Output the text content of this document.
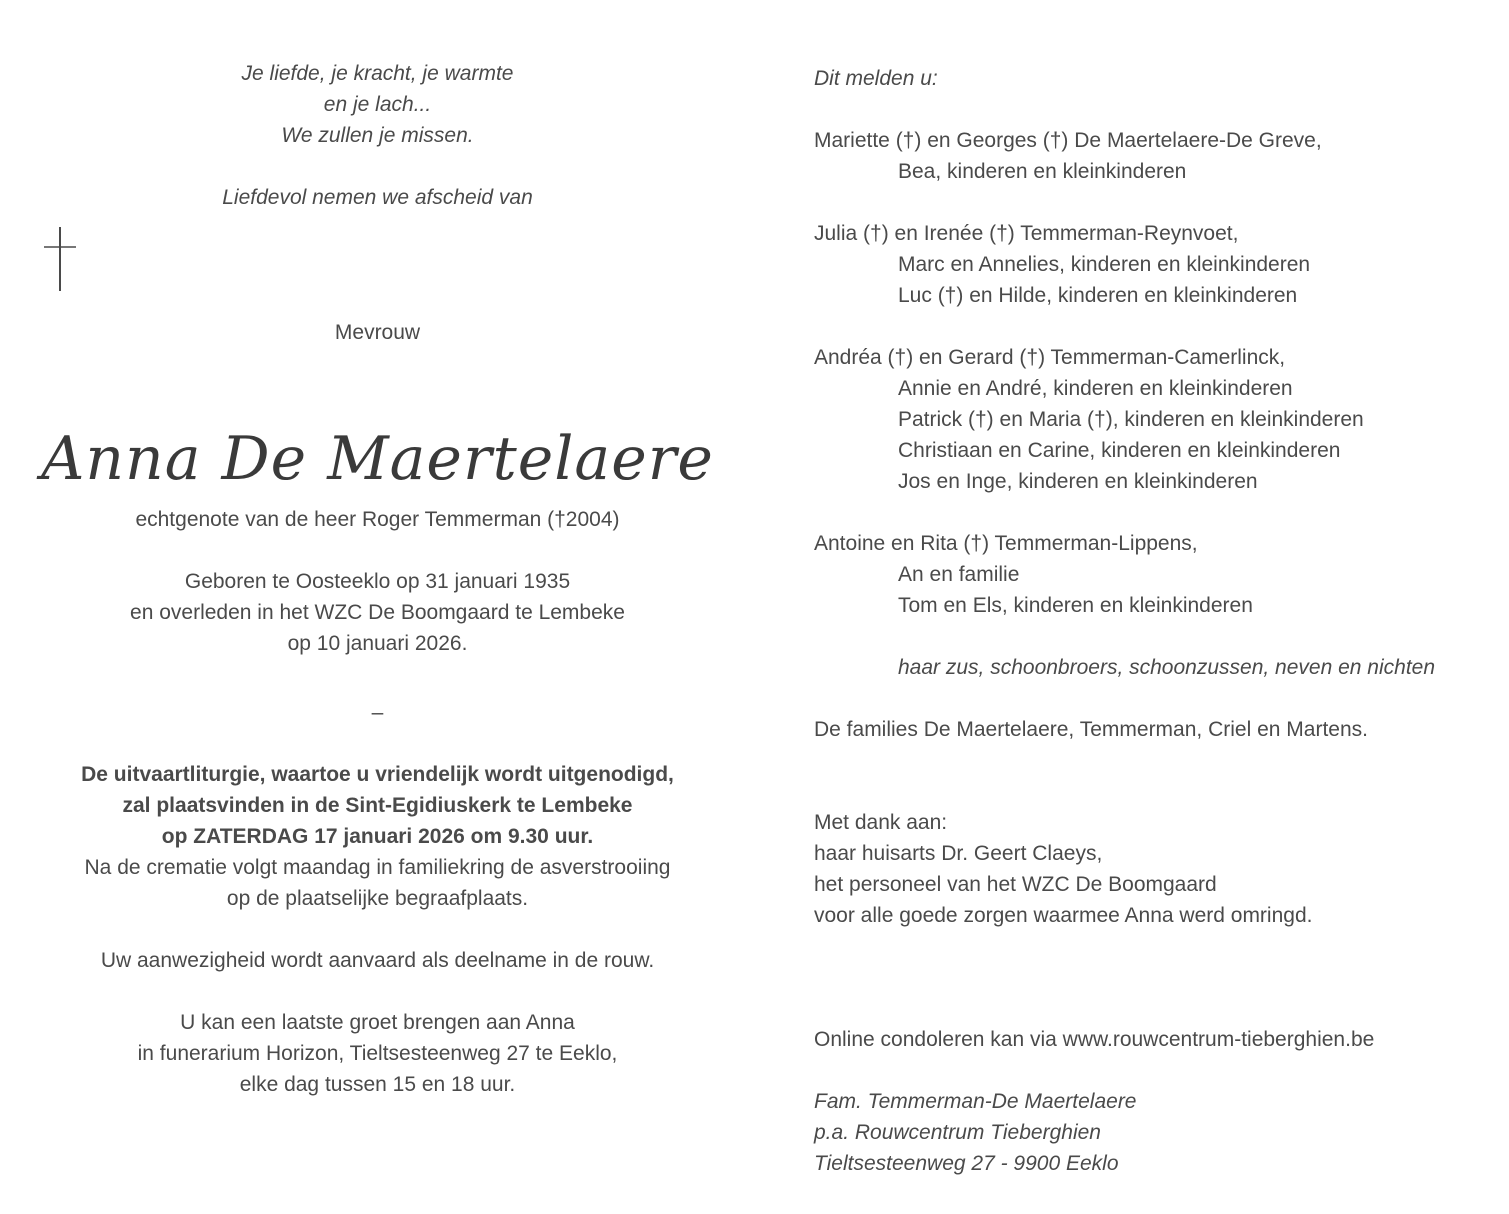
Je liefde, je kracht, je warmte
en je lach...
We zullen je missen.
Liefdevol nemen we afscheid van
Mevrouw
Anna De Maertelaere
echtgenote van de heer Roger Temmerman (†2004)
Geboren te Oosteeklo op 31 januari 1935
en overleden in het WZC De Boomgaard te Lembeke
op 10 januari 2026.
–
De uitvaartliturgie, waartoe u vriendelijk wordt uitgenodigd,
zal plaatsvinden in de Sint-Egidiuskerk te Lembeke
op ZATERDAG 17 januari 2026 om 9.30 uur.
Na de crematie volgt maandag in familiekring de asverstrooiing
op de plaatselijke begraafplaats.
Uw aanwezigheid wordt aanvaard als deelname in de rouw.
U kan een laatste groet brengen aan Anna
in funerarium Horizon, Tieltsesteenweg 27 te Eeklo,
elke dag tussen 15 en 18 uur.
Dit melden u:
Mariette (†) en Georges (†) De Maertelaere-De Greve,
Bea, kinderen en kleinkinderen
Julia (†) en Irenée (†) Temmerman-Reynvoet,
Marc en Annelies, kinderen en kleinkinderen
Luc (†) en Hilde, kinderen en kleinkinderen
Andréa (†) en Gerard (†) Temmerman-Camerlinck,
Annie en André, kinderen en kleinkinderen
Patrick (†) en Maria (†), kinderen en kleinkinderen
Christiaan en Carine, kinderen en kleinkinderen
Jos en Inge, kinderen en kleinkinderen
Antoine en Rita (†) Temmerman-Lippens,
An en familie
Tom en Els, kinderen en kleinkinderen
haar zus, schoonbroers, schoonzussen, neven en nichten
De families De Maertelaere, Temmerman, Criel en Martens.
Met dank aan:
haar huisarts Dr. Geert Claeys,
het personeel van het WZC De Boomgaard
voor alle goede zorgen waarmee Anna werd omringd.
Online condoleren kan via www.rouwcentrum-tieberghien.be
Fam. Temmerman-De Maertelaere
p.a. Rouwcentrum Tieberghien
Tieltsesteenweg 27 - 9900 Eeklo
